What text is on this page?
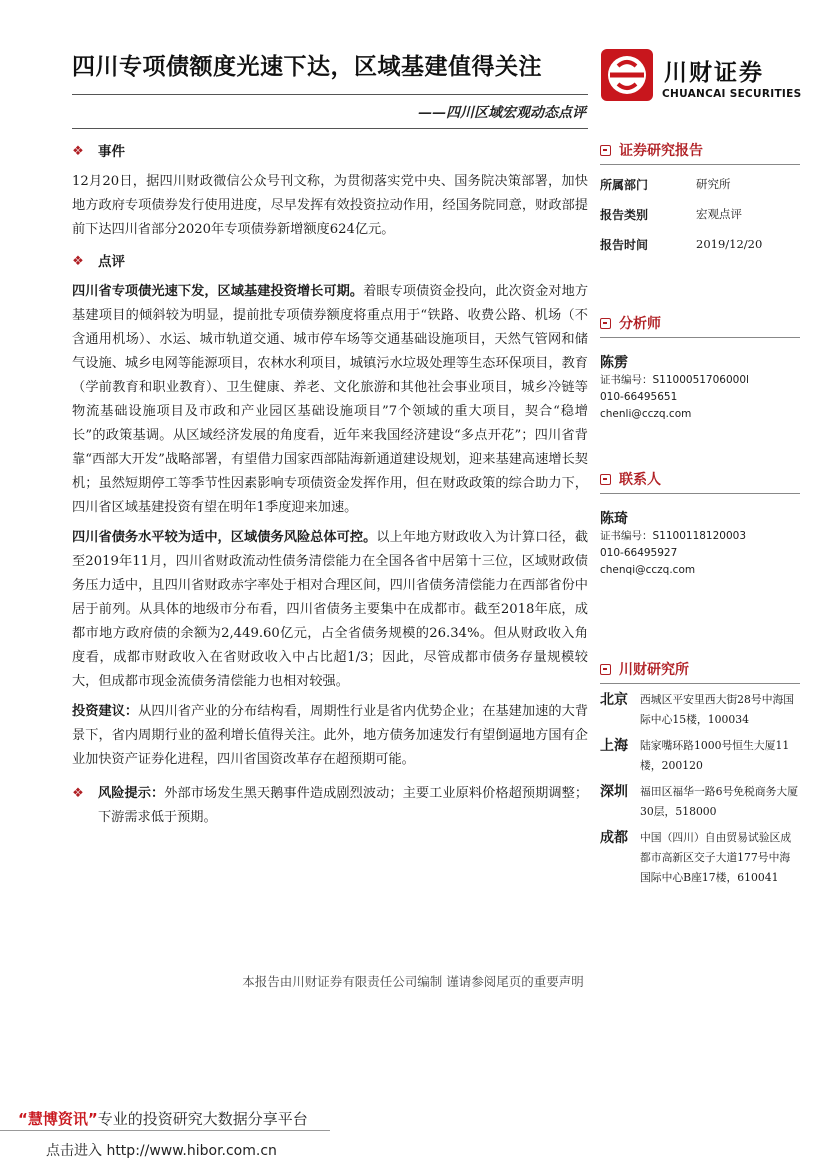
四川专项债额度光速下达，区域基建值得关注
——四川区域宏观动态点评
川财证券
CHUANCAI SECURITIES
❖ 事件

12月20日，据四川财政微信公众号刊文称，为贯彻落实党中央、国务院决策部署，加快地方政府专项债券发行使用进度，尽早发挥有效投资拉动作用，经国务院同意，财政部提前下达四川省部分2020年专项债券新增额度624亿元。

❖ 点评

四川省专项债光速下发，区域基建投资增长可期。着眼专项债资金投向，此次资金对地方基建项目的倾斜较为明显，提前批专项债券额度将重点用于“铁路、收费公路、机场（不含通用机场）、水运、城市轨道交通、城市停车场等交通基础设施项目，天然气管网和储气设施、城乡电网等能源项目，农林水利项目，城镇污水垃圾处理等生态环保项目，教育（学前教育和职业教育）、卫生健康、养老、文化旅游和其他社会事业项目，城乡冷链等物流基础设施项目及市政和产业园区基础设施项目”7个领域的重大项目，契合“稳增长”的政策基调。从区域经济发展的角度看，近年来我国经济建设“多点开花”；四川省背靠“西部大开发”战略部署，有望借力国家西部陆海新通道建设规划，迎来基建高速增长契机；虽然短期停工等季节性因素影响专项债资金发挥作用，但在财政政策的综合助力下，四川省区域基建投资有望在明年1季度迎来加速。

四川省债务水平较为适中，区域债务风险总体可控。以上年地方财政收入为计算口径，截至2019年11月，四川省财政流动性债务清偿能力在全国各省中居第十三位，区域财政债务压力适中，且四川省财政赤字率处于相对合理区间，四川省债务清偿能力在西部省份中居于前列。从具体的地级市分布看，四川省债务主要集中在成都市。截至2018年底，成都市地方政府债的余额为2,449.60亿元，占全省债务规模的26.34%。但从财政收入角度看，成都市财政收入在省财政收入中占比超1/3；因此，尽管成都市债务存量规模较大，但成都市现金流债务清偿能力也相对较强。

投资建议：从四川省产业的分布结构看，周期性行业是省内优势企业；在基建加速的大背景下，省内周期行业的盈利增长值得关注。此外，地方债务加速发行有望倒逼地方国有企业加快资产证券化进程，四川省国资改革存在超预期可能。

❖ 风险提示：外部市场发生黑天鹅事件造成剧烈波动；主要工业原料价格超预期调整；下游需求低于预期。

证券研究报告
所属部门	研究所
报告类别	宏观点评
报告时间	2019/12/20
分析师
陈雳
证书编号：S1100051706000l
010-66495651
chenli@cczq.com
联系人
陈琦
证书编号：S1100118120003
010-66495927
chenqi@cczq.com
川财研究所
北京	西城区平安里西大街28号中海国际中心15楼，100034
上海	陆家嘴环路1000号恒生大厦11楼，200120
深圳	福田区福华一路6号免税商务大厦30层，518000
成都	中国（四川）自由贸易试验区成都市高新区交子大道177号中海国际中心B座17楼，610041
本报告由川财证券有限责任公司编制 谨请参阅尾页的重要声明
“慧博资讯”专业的投资研究大数据分享平台
点击进入 http://www.hibor.com.cn
